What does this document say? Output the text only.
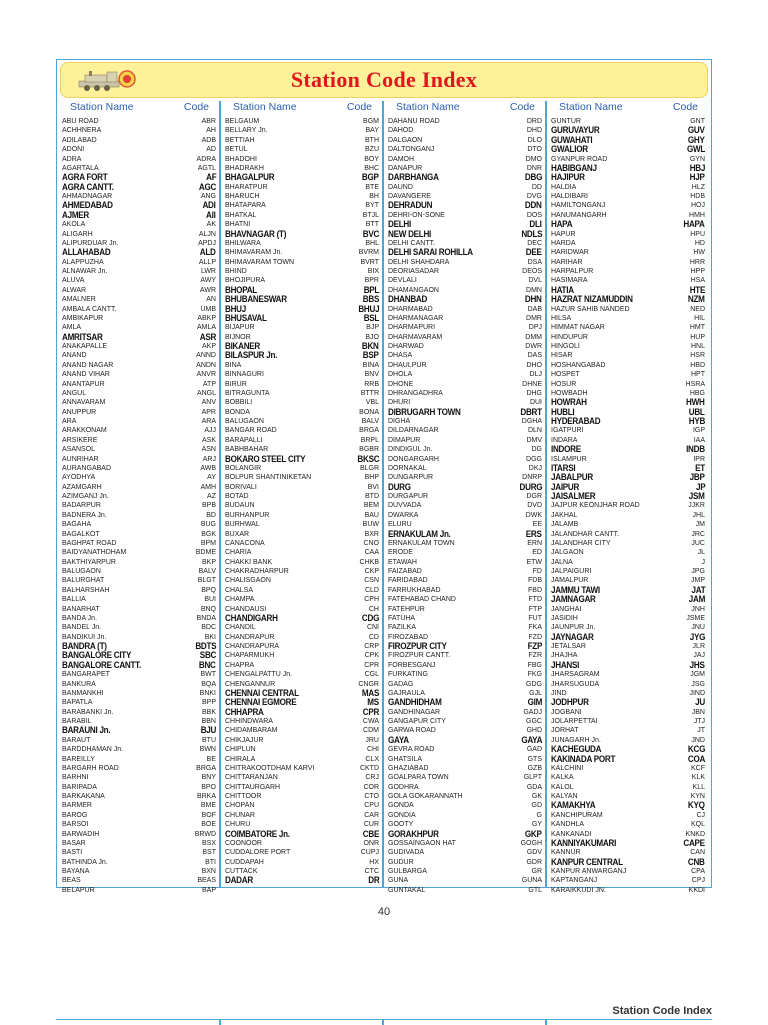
Station Code Index
Station Name	Code
ABU ROAD	ABR
ACHHNERA	AH
ADILABAD	ADB
ADONI	AD
ADRA	ADRA
AGARTALA	AGTL
AGRA FORT	AF
AGRA CANTT.	AGC
AHMADNAGAR	ANG
AHMEDABAD	ADI
AJMER	All
AKOLA	AK
ALIGARH	ALJN
ALIPURDUAR Jn.	APDJ
ALLAHABAD	ALD
ALAPPUZHA	ALLP
ALNAWAR Jn.	LWR
ALUVA	AWY
ALWAR	AWR
AMALNER	AN
AMBALA CANTT.	UMB
AMBIKAPUR	ABKP
AMLA	AMLA
AMRITSAR	ASR
ANAKAPALLE	AKP
ANAND	ANND
ANAND NAGAR	ANDN
ANAND VIHAR	ANVR
ANANTAPUR	ATP
ANGUL	ANGL
ANNAVARAM	ANV
ANUPPUR	APR
ARA	ARA
ARAKKONAM	AJJ
ARSIKERE	ASK
ASANSOL	ASN
AUNRIHAR	ARJ
AURANGABAD	AWB
AYODHYA	AY
AZAMGARH	AMH
AZIMGANJ Jn.	AZ
BADARPUR	BPB
BADNERA Jn.	BD
BAGAHA	BUG
BAGALKOT	BGK
BAGHPAT ROAD	BPM
BAIDYANATHDHAM	BDME
BAKTHIYARPUR	BKP
BALUGAON	BALV
BALURGHAT	BLGT
BALHARSHAH	BPQ
BALLIA	BUI
BANARHAT	BNQ
BANDA Jn.	BNDA
BANDEL Jn.	BDC
BANDIKUI Jn.	BKI
BANDRA (T)	BDTS
BANGALORE CITY	SBC
BANGALORE CANTT.	BNC
BANGARAPET	BWT
BANKURA	BQA
BANMANKHI	BNKI
BAPATLA	BPP
BARABANKI Jn.	BBK
BARABIL	BBN
BARAUNI Jn.	BJU
BARAUT	BTU
BARDDHAMAN Jn.	BWN
BAREILLY	BE
BARGARH ROAD	BRGA
BARHNI	BNY
BARIPADA	BPO
BARKAKANA	BRKA
BARMER	BME
BAROG	BOF
BARSOI	BOE
BARWADIH	BRWD
BASAR	BSX
BASTI	BST
BATHINDA Jn.	BTI
BAYANA	BXN
BEAS	BEAS
BELAPUR	BAP
Station Name	Code
BELGAUM	BGM
BELLARY Jn.	BAY
BETTIAH	BTH
BETUL	BZU
BHADOHI	BOY
BHADRAKH	BHC
BHAGALPUR	BGP
BHARATPUR	BTE
BHARUCH	BH
BHATAPARA	BYT
BHATKAL	BTJL
BHATNI	BTT
BHAVNAGAR (T)	BVC
BHILWARA	BHL
BHIMAVARAM Jn.	BVRM
BHIMAVARAM TOWN	BVRT
BHIND	BIX
BHOJIPURA	BPR
BHOPAL	BPL
BHUBANESWAR	BBS
BHUJ	BHUJ
BHUSAVAL	BSL
BIJAPUR	BJP
BIJNOR	BJO
BIKANER	BKN
BILASPUR Jn.	BSP
BINA	BINA
BINNAGURI	BNV
BIRUR	RRB
BITRAGUNTA	BTTR
BOBBILI	VBL
BONDA	BONA
BALUGAON	BALV
BANGAR ROAD	BRGA
BARAPALLI	BRPL
BABHBAHAR	BGBR
BOKARO STEEL CITY	BKSC
BOLANGIR	BLGR
BOLPUR SHANTINIKETAN	BHP
BORIVALI	BVI
BOTAD	BTD
BUDAUN	BEM
BURHANPUR	BAU
BURHWAL	BUW
BUXAR	BXR
CANACONA	CNO
CHARIA	CAA
CHAKKI BANK	CHKB
CHAKRADHARPUR	CKP
CHALISGAON	CSN
CHALSA	CLD
CHAMPA	CPH
CHANDAUSI	CH
CHANDIGARH	CDG
CHANDIL	CNI
CHANDRAPUR	CD
CHANDRAPURA	CRP
CHAPARMUKH	CPK
CHAPRA	CPR
CHENGALPATTU Jn.	CGL
CHENGANNUR	CNGR
CHENNAI CENTRAL	MAS
CHENNAI EGMORE	MS
CHHAPRA	CPR
CHHINDWARA	CWA
CHIDAMBARAM	CDM
CHIKJAJUR	JRU
CHIPLUN	CHI
CHIRALA	CLX
CHITRAKOOTDHAM KARVI	CKTD
CHITTARANJAN	CRJ
CHITTAURGARH	COR
CHITTOOR	CTO
CHOPAN	CPU
CHUNAR	CAR
CHURU	CUR
COIMBATORE Jn.	CBE
COONOOR	ONR
CUDDALORE PORT	CUPJ
CUDDAPAH	HX
CUTTACK	CTC
DADAR	DR
Station Name	Code
DAHANU ROAD	DRD
DAHOD	DHD
DALGAON	DLO
DALTONGANJ	DTO
DAMOH	DMO
DANAPUR	DNR
DARBHANGA	DBG
DAUND	DD
DAVANGERE	DVG
DEHRADUN	DDN
DEHRI-ON-SONE	DOS
DELHI	DLI
NEW DELHI	NDLS
DELHI CANTT.	DEC
DELHI SARAI ROHILLA	DEE
DELHI SHAHDARA	DSA
DEORIASADAR	DEOS
DEVLALI	DVL
DHAMANGAON	DMN
DHANBAD	DHN
DHARMABAD	DAB
DHARMANAGAR	DMR
DHARMAPURI	DPJ
DHARMAVARAM	DMM
DHARWAD	DWR
DHASA	DAS
DHAULPUR	DHO
DHOLA	DLJ
DHONE	DHNE
DHRANGADHRA	DHG
DHURI	DUI
DIBRUGARH TOWN	DBRT
DIGHA	DGHA
DILDARNAGAR	DLN
DIMAPUR	DMV
DINDIGUL Jn.	DG
DONGARGARH	DGG
DORNAKAL	DKJ
DUNGARPUR	DNRP
DURG	DURG
DURGAPUR	DGR
DUVVADA	DVD
DWARKA	DWK
ELURU	EE
ERNAKULAM Jn.	ERS
ERNAKULAM TOWN	ERN
ERODE	ED
ETAWAH	ETW
FAIZABAD	FD
FARIDABAD	FDB
FARRUKHABAD	FBD
FATEHABAD CHAND	FTD
FATEHPUR	FTP
FATUHA	FUT
FAZILKA	FKA
FIROZABAD	FZD
FIROZPUR CITY	FZP
FIROZPUR CANTT.	FZR
FORBESGANJ	FBG
FURKATING	FKG
GADAG	GDG
GAJRAULA	GJL
GANDHIDHAM	GIM
GANDHINAGAR	GADJ
GANGAPUR CITY	GGC
GARWA ROAD	GHD
GAYA	GAYA
GEVRA ROAD	GAD
GHATSILA	GTS
GHAZIABAD	GZB
GOALPARA TOWN	GLPT
GODHRA	GDA
GOLA GOKARANNATH	GK
GONDA	GD
GONDIA	G
GOOTY	GY
GORAKHPUR	GKP
GOSSAINGAON HAT	GOGH
GUDIVADA	GDV
GUDUR	GDR
GULBARGA	GR
GUNA	GUNA
GUNTAKAL	GTL
Station Name	Code
GUNTUR	GNT
GURUVAYUR	GUV
GUWAHATI	GHY
GWALIOR	GWL
GYANPUR ROAD	GYN
HABIBGANJ	HBJ
HAJIPUR	HJP
HALDIA	HLZ
HALDIBARI	HDB
HAMILTONGANJ	HOJ
HANUMANGARH	HMH
HAPA	HAPA
HAPUR	HPU
HARDA	HD
HARIDWAR	HW
HARIHAR	HRR
HARPALPUR	HPP
HASIMARA	HSA
HATIA	HTE
HAZRAT NIZAMUDDIN	NZM
HAZUR SAHIB NANDED	NED
HILSA	HIL
HIMMAT NAGAR	HMT
HINDUPUR	HUP
HINGOLI	HNL
HISAR	HSR
HOSHANGABAD	HBD
HOSPET	HPT
HOSUR	HSRA
HOWBADH	HBG
HOWRAH	HWH
HUBLI	UBL
HYDERABAD	HYB
IGATPURI	IGP
INDARA	IAA
INDORE	INDB
ISLAMPUR	IPR
ITARSI	ET
JABALPUR	JBP
JAIPUR	JP
JAISALMER	JSM
JAJPUR KEONJHAR ROAD	JJKR
JAKHAL	JHL
JALAMB	JM
JALANDHAR CANTT.	JRC
JALANDHAR CITY	JUC
JALGAON	JL
JALNA	J
JALPAIGURI	JPG
JAMALPUR	JMP
JAMMU TAWI	JAT
JAMNAGAR	JAM
JANGHAI	JNH
JASIDIH	JSME
JAUNPUR Jn.	JNU
JAYNAGAR	JYG
JETALSAR	JLR
JHAJHA	JAJ
JHANSI	JHS
JHARSAGRAM	JGM
JHARSUGUDA	JSG
JIND	JIND
JODHPUR	JU
JOGBANI	JBN
JOLARPETTAI	JTJ
JORHAT	JT
JUNAGARH Jn.	JND
KACHEGUDA	KCG
KAKINADA PORT	COA
KALCHINI	KCF
KALKA	KLK
KALOL	KLL
KALYAN	KYN
KAMAKHYA	KYQ
KANCHIPURAM	CJ
KANDHLA	KQL
KANKANADI	KNKD
KANNIYAKUMARI	CAPE
KANNUR	CAN
KANPUR CENTRAL	CNB
KANPUR ANWARGANJ	CPA
KAPTANGANJ	CPJ
KARAIKKUDI JN.	KKDI
40
Station Code Index
